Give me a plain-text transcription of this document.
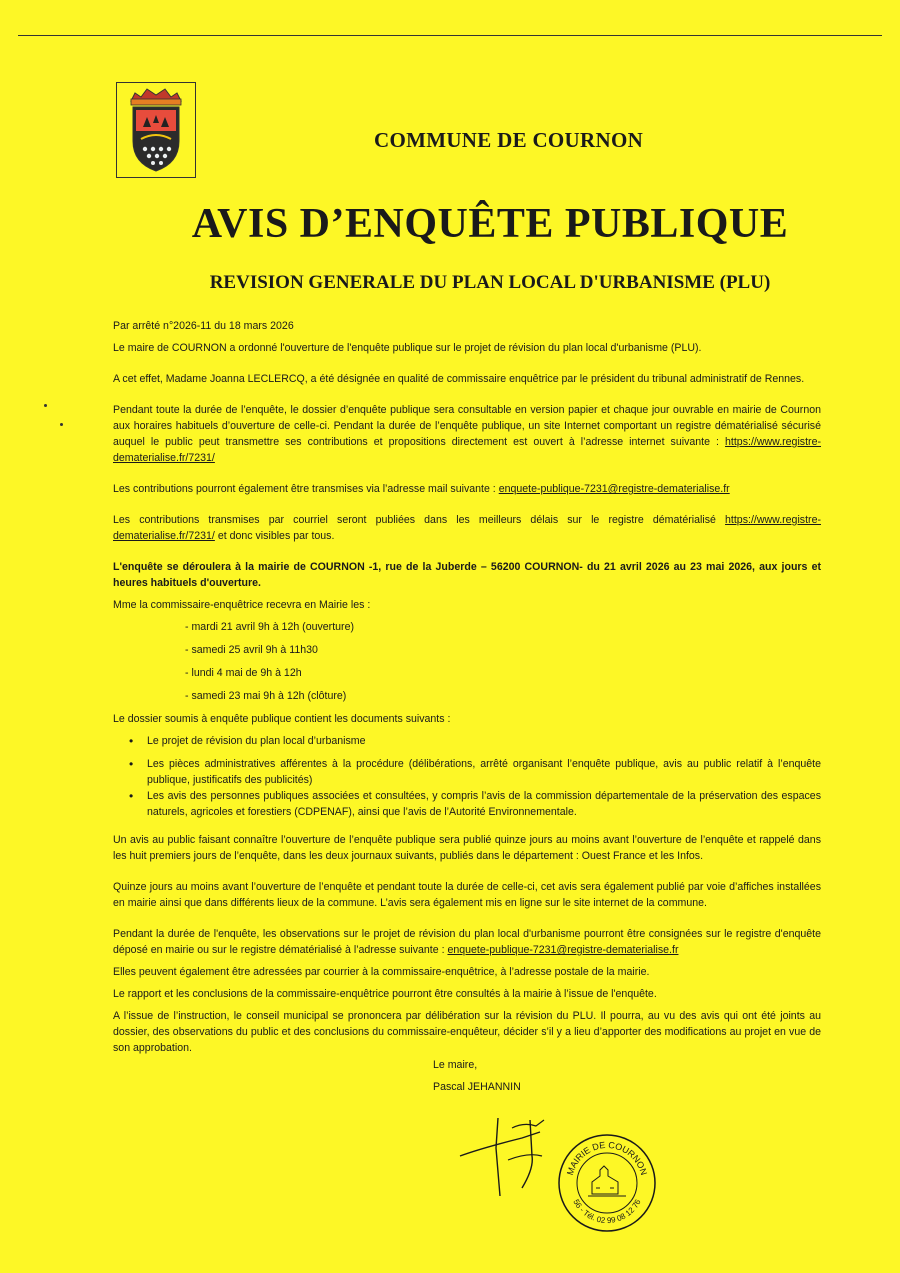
COMMUNE DE COURNON
AVIS D’ENQUÊTE PUBLIQUE
REVISION GENERALE DU PLAN LOCAL D'URBANISME (PLU)

Par arrêté n°2026-11 du 18 mars 2026

Le maire de COURNON a ordonné l'ouverture de l'enquête publique sur le projet de révision du plan local d'urbanisme (PLU).

A cet effet, Madame Joanna LECLERCQ, a été désignée en qualité de commissaire enquêtrice par le président du tribunal administratif de Rennes.

Pendant toute la durée de l’enquête, le dossier d’enquête publique sera consultable en version papier et chaque jour ouvrable en mairie de Cournon aux horaires habituels d’ouverture de celle-ci. Pendant la durée de l’enquête publique, un site Internet comportant un registre dématérialisé sécurisé auquel le public peut transmettre ses contributions et propositions directement est ouvert à l’adresse internet suivante : https://www.registre-dematerialise.fr/7231/

Les contributions pourront également être transmises via l’adresse mail suivante : enquete-publique-7231@registre-dematerialise.fr

Les contributions transmises par courriel seront publiées dans les meilleurs délais sur le registre dématérialisé https://www.registre-dematerialise.fr/7231/ et donc visibles par tous.

L'enquête se déroulera à la mairie de COURNON -1, rue de la Juberde – 56200 COURNON- du 21 avril 2026 au 23 mai 2026, aux jours et heures habituels d'ouverture.

Mme la commissaire-enquêtrice recevra en Mairie les :

- mardi 21 avril 9h à 12h (ouverture)
- samedi 25 avril 9h à 11h30
- lundi 4 mai de 9h à 12h
- samedi 23 mai 9h à 12h (clôture)

Le dossier soumis à enquête publique contient les documents suivants :

• Le projet de révision du plan local d’urbanisme
• Les pièces administratives afférentes à la procédure (délibérations, arrêté organisant l’enquête publique, avis au public relatif à l’enquête publique, justificatifs des publicités)
• Les avis des personnes publiques associées et consultées, y compris l’avis de la commission départementale de la préservation des espaces naturels, agricoles et forestiers (CDPENAF), ainsi que l’avis de l’Autorité Environnementale.

Un avis au public faisant connaître l’ouverture de l’enquête publique sera publié quinze jours au moins avant l’ouverture de l’enquête et rappelé dans les huit premiers jours de l’enquête, dans les deux journaux suivants, publiés dans le département : Ouest France et les Infos.

Quinze jours au moins avant l’ouverture de l’enquête et pendant toute la durée de celle-ci, cet avis sera également publié par voie d’affiches installées en mairie ainsi que dans différents lieux de la commune. L’avis sera également mis en ligne sur le site internet de la commune.

Pendant la durée de l'enquête, les observations sur le projet de révision du plan local d'urbanisme pourront être consignées sur le registre d'enquête déposé en mairie ou sur le registre dématérialisé à l’adresse suivante : enquete-publique-7231@registre-dematerialise.fr

Elles peuvent également être adressées par courrier à la commissaire-enquêtrice, à l’adresse postale de la mairie.

Le rapport et les conclusions de la commissaire-enquêtrice pourront être consultés à la mairie à l’issue de l'enquête.

A l’issue de l’instruction, le conseil municipal se prononcera par délibération sur la révision du PLU. Il pourra, au vu des avis qui ont été joints au dossier, des observations du public et des conclusions du commissaire-enquêteur, décider s’il y a lieu d’apporter des modifications au projet en vue de son approbation.

Le maire,
Pascal JEHANNIN
MAIRIE DE COURNON
56 - Tél. 02 99 08 12 76
